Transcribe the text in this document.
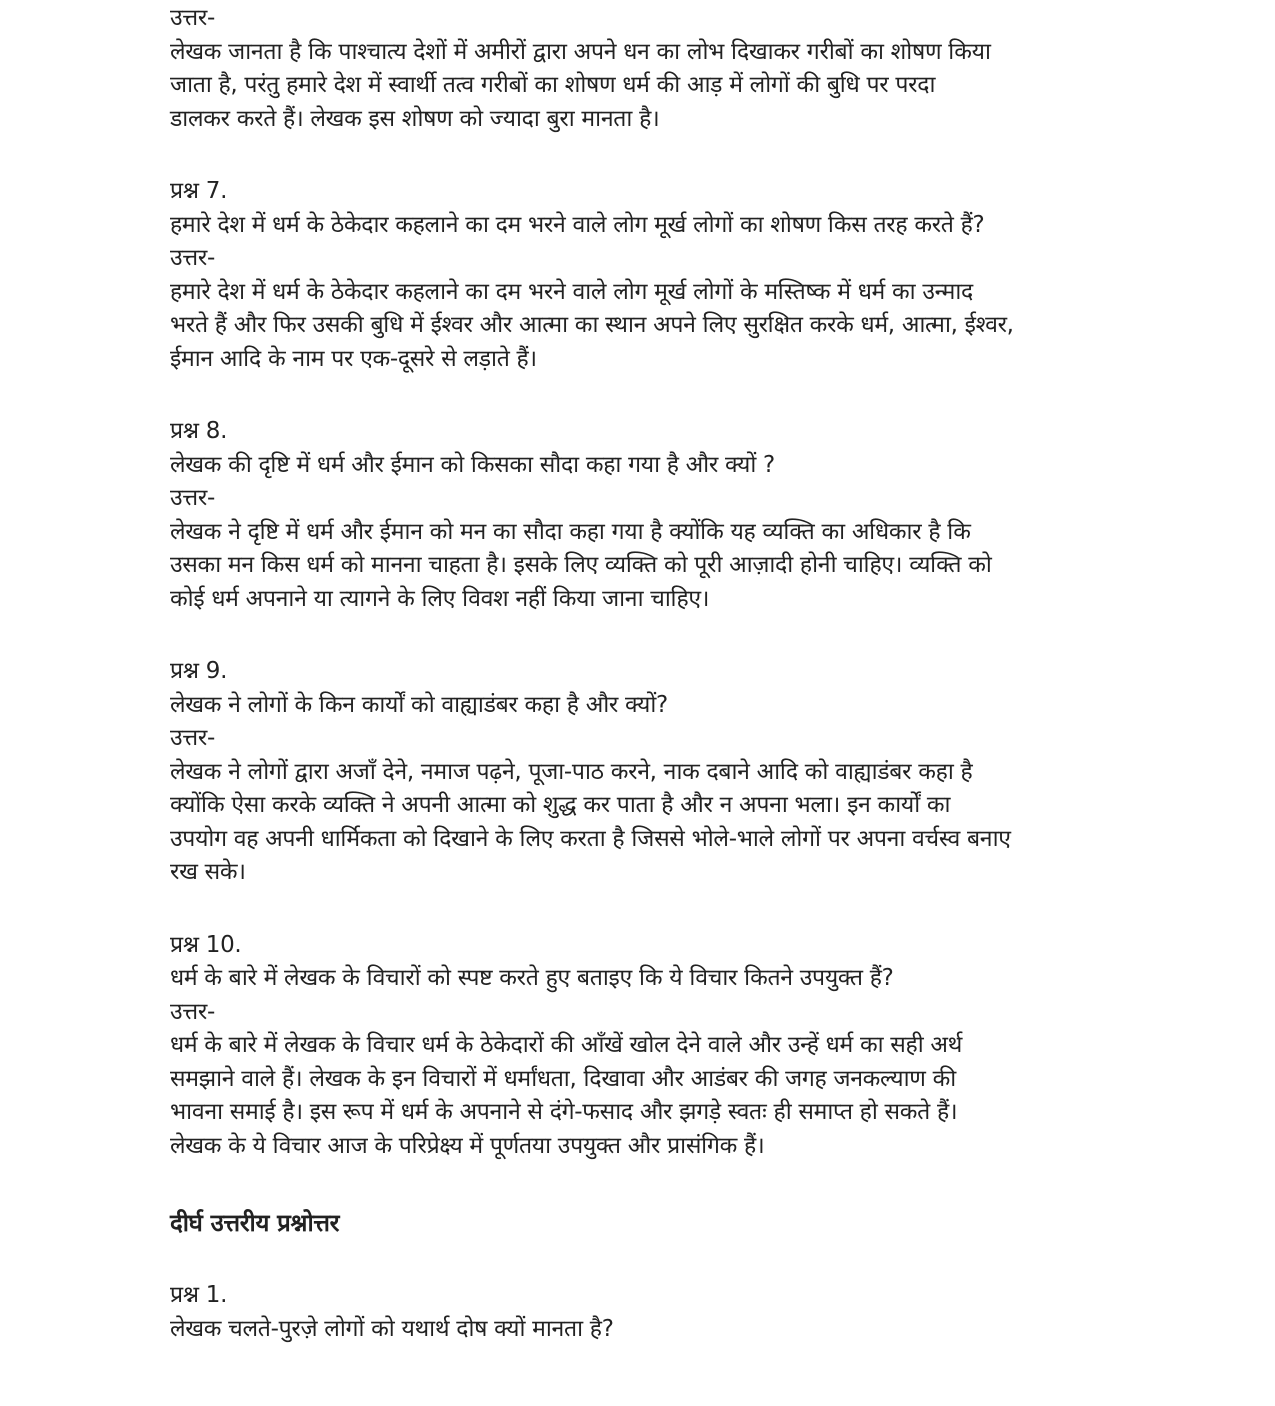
उत्तर-
लेखक जानता है कि पाश्चात्य देशों में अमीरों द्वारा अपने धन का लोभ दिखाकर गरीबों का शोषण किया
जाता है, परंतु हमारे देश में स्वार्थी तत्व गरीबों का शोषण धर्म की आड़ में लोगों की बुधि पर परदा
डालकर करते हैं। लेखक इस शोषण को ज्यादा बुरा मानता है।
प्रश्न 7.
हमारे देश में धर्म के ठेकेदार कहलाने का दम भरने वाले लोग मूर्ख लोगों का शोषण किस तरह करते हैं?
उत्तर-
हमारे देश में धर्म के ठेकेदार कहलाने का दम भरने वाले लोग मूर्ख लोगों के मस्तिष्क में धर्म का उन्माद
भरते हैं और फिर उसकी बुधि में ईश्वर और आत्मा का स्थान अपने लिए सुरक्षित करके धर्म, आत्मा, ईश्वर,
ईमान आदि के नाम पर एक-दूसरे से लड़ाते हैं।
प्रश्न 8.
लेखक की दृष्टि में धर्म और ईमान को किसका सौदा कहा गया है और क्यों ?
उत्तर-
लेखक ने दृष्टि में धर्म और ईमान को मन का सौदा कहा गया है क्योंकि यह व्यक्ति का अधिकार है कि
उसका मन किस धर्म को मानना चाहता है। इसके लिए व्यक्ति को पूरी आज़ादी होनी चाहिए। व्यक्ति को
कोई धर्म अपनाने या त्यागने के लिए विवश नहीं किया जाना चाहिए।
प्रश्न 9.
लेखक ने लोगों के किन कार्यों को वाह्याडंबर कहा है और क्यों?
उत्तर-
लेखक ने लोगों द्वारा अजाँ देने, नमाज पढ़ने, पूजा-पाठ करने, नाक दबाने आदि को वाह्याडंबर कहा है
क्योंकि ऐसा करके व्यक्ति ने अपनी आत्मा को शुद्ध कर पाता है और न अपना भला। इन कार्यों का
उपयोग वह अपनी धार्मिकता को दिखाने के लिए करता है जिससे भोले-भाले लोगों पर अपना वर्चस्व बनाए
रख सके।
प्रश्न 10.
धर्म के बारे में लेखक के विचारों को स्पष्ट करते हुए बताइए कि ये विचार कितने उपयुक्त हैं?
उत्तर-
धर्म के बारे में लेखक के विचार धर्म के ठेकेदारों की आँखें खोल देने वाले और उन्हें धर्म का सही अर्थ
समझाने वाले हैं। लेखक के इन विचारों में धर्मांधता, दिखावा और आडंबर की जगह जनकल्याण की
भावना समाई है। इस रूप में धर्म के अपनाने से दंगे-फसाद और झगड़े स्वतः ही समाप्त हो सकते हैं।
लेखक के ये विचार आज के परिप्रेक्ष्य में पूर्णतया उपयुक्त और प्रासंगिक हैं।
दीर्घ उत्तरीय प्रश्नोत्तर
प्रश्न 1.
लेखक चलते-पुरज़े लोगों को यथार्थ दोष क्यों मानता है?
